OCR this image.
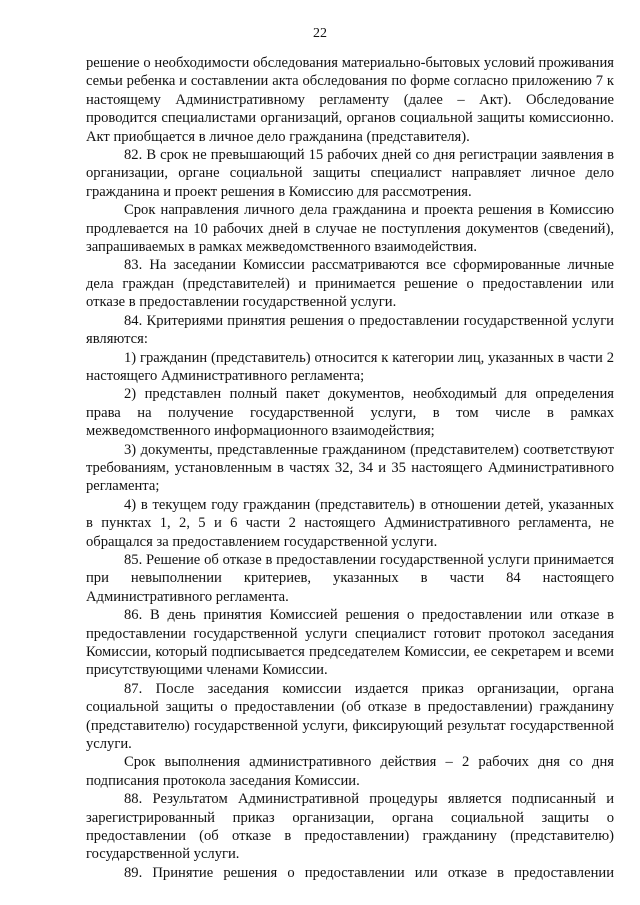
22

решение о необходимости обследования материально-бытовых условий проживания семьи ребенка и составлении акта обследования по форме согласно приложению 7 к настоящему Административному регламенту (далее – Акт). Обследование проводится специалистами организаций, органов социальной защиты комиссионно. Акт приобщается в личное дело гражданина (представителя).

82. В срок не превышающий 15 рабочих дней со дня регистрации заявления в организации, органе социальной защиты специалист направляет личное дело гражданина и проект решения в Комиссию для рассмотрения.

Срок направления личного дела гражданина и проекта решения в Комиссию продлевается на 10 рабочих дней в случае не поступления документов (сведений), запрашиваемых в рамках межведомственного взаимодействия.

83. На заседании Комиссии рассматриваются все сформированные личные дела граждан (представителей) и принимается решение о предоставлении или отказе в предоставлении государственной услуги.

84. Критериями принятия решения о предоставлении государственной услуги являются:

1) гражданин (представитель) относится к категории лиц, указанных в части 2 настоящего Административного регламента;

2) представлен полный пакет документов, необходимый для определения права на получение государственной услуги, в том числе в рамках межведомственного информационного взаимодействия;

3) документы, представленные гражданином (представителем) соответствуют требованиям, установленным в частях 32, 34 и 35 настоящего Административного регламента;

4) в текущем году гражданин (представитель) в отношении детей, указанных в пунктах 1, 2, 5 и 6 части 2 настоящего Административного регламента, не обращался за предоставлением государственной услуги.

85. Решение об отказе в предоставлении государственной услуги принимается при невыполнении критериев, указанных в части 84 настоящего Административного регламента.

86. В день принятия Комиссией решения о предоставлении или отказе в предоставлении государственной услуги специалист готовит протокол заседания Комиссии, который подписывается председателем Комиссии, ее секретарем и всеми присутствующими членами Комиссии.

87. После заседания комиссии издается приказ организации, органа социальной защиты о предоставлении (об отказе в предоставлении) гражданину (представителю) государственной услуги, фиксирующий результат государственной услуги.

Срок выполнения административного действия – 2 рабочих дня со дня подписания протокола заседания Комиссии.

88. Результатом Административной процедуры является подписанный и зарегистрированный приказ организации, органа социальной защиты о предоставлении (об отказе в предоставлении) гражданину (представителю) государственной услуги.

89. Принятие решения о предоставлении или отказе в предоставлении
